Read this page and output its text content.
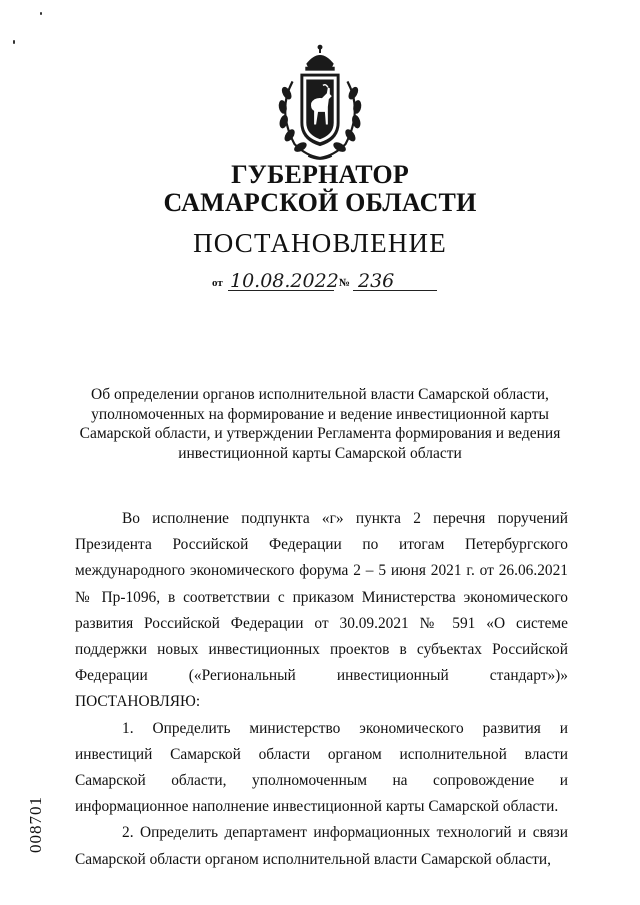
ГУБЕРНАТОР
САМАРСКОЙ ОБЛАСТИ
ПОСТАНОВЛЕНИЕ
от 10.08.2022 № 236
Об определении органов исполнительной власти Самарской области, уполномоченных на формирование и ведение инвестиционной карты Самарской области, и утверждении Регламента формирования и ведения инвестиционной карты Самарской области

Во исполнение подпункта «г» пункта 2 перечня поручений Президента Российской Федерации по итогам Петербургского международного экономического форума 2 – 5 июня 2021 г. от 26.06.2021 № Пр-1096, в соответствии с приказом Министерства экономического развития Российской Федерации от 30.09.2021 № 591 «О системе поддержки новых инвестиционных проектов в субъектах Российской Федерации («Региональный инвестиционный стандарт»)» ПОСТАНОВЛЯЮ:

1. Определить министерство экономического развития и инвестиций Самарской области органом исполнительной власти Самарской области, уполномоченным на сопровождение и информационное наполнение инвестиционной карты Самарской области.

2. Определить департамент информационных технологий и связи Самарской области органом исполнительной власти Самарской области,

008701
